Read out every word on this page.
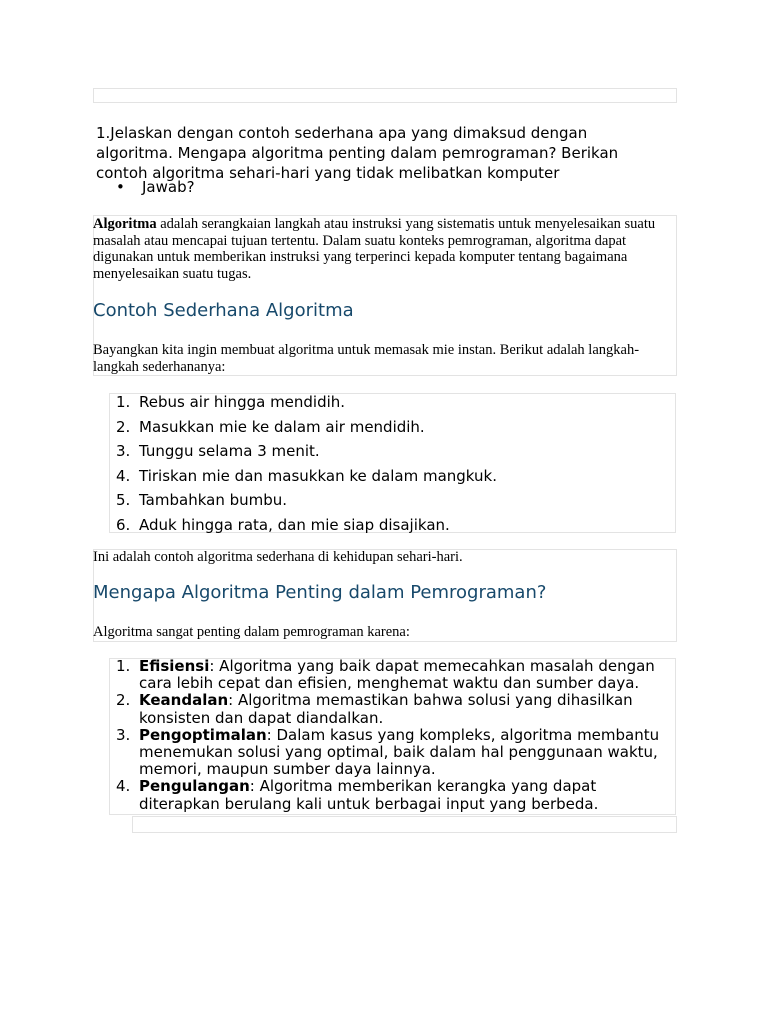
1.Jelaskan dengan contoh sederhana apa yang dimaksud dengan algoritma. Mengapa algoritma penting dalam pemrograman? Berikan contoh algoritma sehari-hari yang tidak melibatkan komputer

• Jawab?

Algoritma adalah serangkaian langkah atau instruksi yang sistematis untuk menyelesaikan suatu masalah atau mencapai tujuan tertentu. Dalam suatu konteks pemrograman, algoritma dapat digunakan untuk memberikan instruksi yang terperinci kepada komputer tentang bagaimana menyelesaikan suatu tugas.

Contoh Sederhana Algoritma

Bayangkan kita ingin membuat algoritma untuk memasak mie instan. Berikut adalah langkah-langkah sederhananya:

1. Rebus air hingga mendidih.
2. Masukkan mie ke dalam air mendidih.
3. Tunggu selama 3 menit.
4. Tiriskan mie dan masukkan ke dalam mangkuk.
5. Tambahkan bumbu.
6. Aduk hingga rata, dan mie siap disajikan.

Ini adalah contoh algoritma sederhana di kehidupan sehari-hari.

Mengapa Algoritma Penting dalam Pemrograman?

Algoritma sangat penting dalam pemrograman karena:

1. Efisiensi: Algoritma yang baik dapat memecahkan masalah dengan cara lebih cepat dan efisien, menghemat waktu dan sumber daya.
2. Keandalan: Algoritma memastikan bahwa solusi yang dihasilkan konsisten dan dapat diandalkan.
3. Pengoptimalan: Dalam kasus yang kompleks, algoritma membantu menemukan solusi yang optimal, baik dalam hal penggunaan waktu, memori, maupun sumber daya lainnya.
4. Pengulangan: Algoritma memberikan kerangka yang dapat diterapkan berulang kali untuk berbagai input yang berbeda.
